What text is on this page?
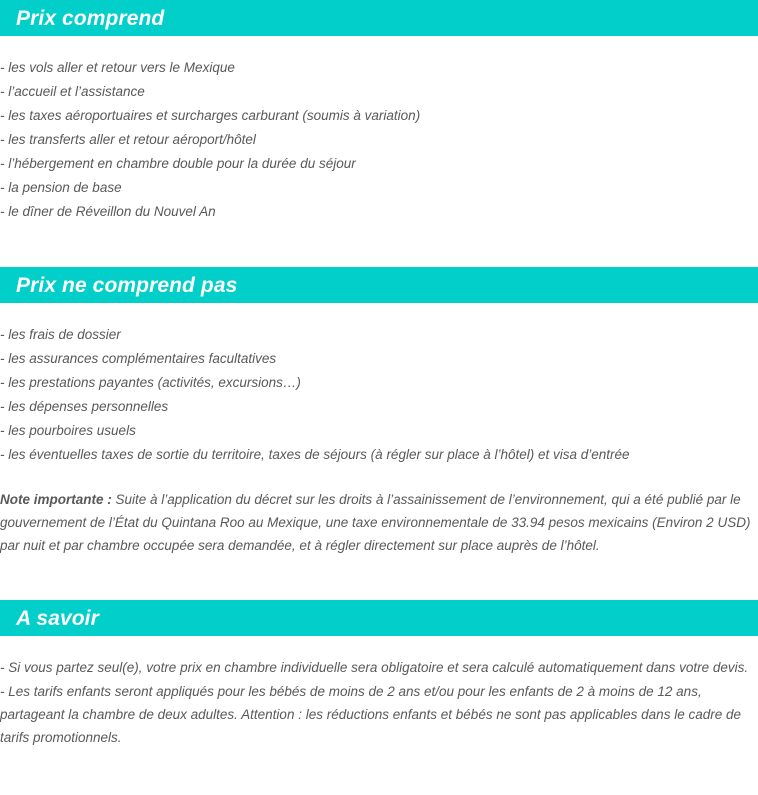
Prix comprend
- les vols aller et retour vers le Mexique
- l’accueil et l’assistance
- les taxes aéroportuaires et surcharges carburant (soumis à variation)
- les transferts aller et retour aéroport/hôtel
- l’hébergement en chambre double pour la durée du séjour
- la pension de base
- le dîner de Réveillon du Nouvel An
Prix ne comprend pas
- les frais de dossier
- les assurances complémentaires facultatives
- les prestations payantes (activités, excursions…)
- les dépenses personnelles
- les pourboires usuels
- les éventuelles taxes de sortie du territoire, taxes de séjours (à régler sur place à l’hôtel) et visa d’entrée

Note importante : Suite à l’application du décret sur les droits à l’assainissement de l’environnement, qui a été publié par le gouvernement de l’État du Quintana Roo au Mexique, une taxe environnementale de 33.94 pesos mexicains (Environ 2 USD) par nuit et par chambre occupée sera demandée, et à régler directement sur place auprès de l’hôtel.

A savoir

- Si vous partez seul(e), votre prix en chambre individuelle sera obligatoire et sera calculé automatiquement dans votre devis.

- Les tarifs enfants seront appliqués pour les bébés de moins de 2 ans et/ou pour les enfants de 2 à moins de 12 ans, partageant la chambre de deux adultes. Attention : les réductions enfants et bébés ne sont pas applicables dans le cadre de tarifs promotionnels.
